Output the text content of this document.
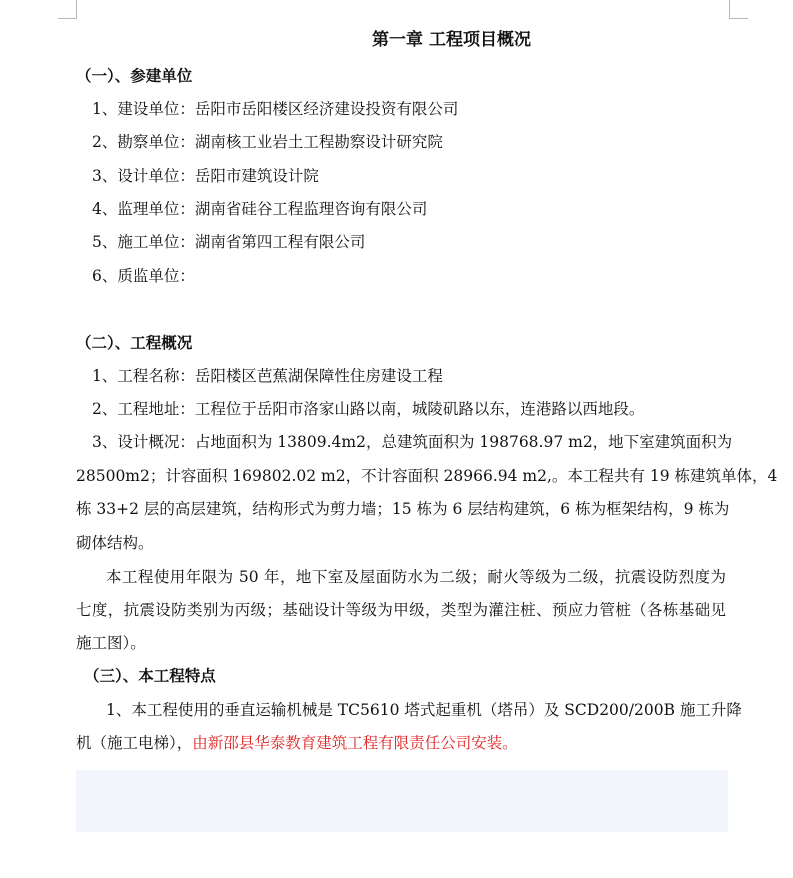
第一章 工程项目概况
（一）、参建单位
1、建设单位：岳阳市岳阳楼区经济建设投资有限公司
2、勘察单位：湖南核工业岩土工程勘察设计研究院
3、设计单位：岳阳市建筑设计院
4、监理单位：湖南省硅谷工程监理咨询有限公司
5、施工单位：湖南省第四工程有限公司
6、质监单位：
（二）、工程概况
1、工程名称：岳阳楼区芭蕉湖保障性住房建设工程
2、工程地址：工程位于岳阳市洛家山路以南，城陵矶路以东，连港路以西地段。
3、设计概况：占地面积为 13809.4m2，总建筑面积为 198768.97 m2，地下室建筑面积为
28500m2；计容面积 169802.02 m2，不计容面积 28966.94 m2,。本工程共有 19 栋建筑单体，4
栋 33+2 层的高层建筑，结构形式为剪力墙；15 栋为 6 层结构建筑，6 栋为框架结构，9 栋为
砌体结构。
本工程使用年限为 50 年，地下室及屋面防水为二级；耐火等级为二级，抗震设防烈度为
七度，抗震设防类别为丙级；基础设计等级为甲级，类型为灌注桩、预应力管桩（各栋基础见
施工图）。
（三）、本工程特点
1、本工程使用的垂直运输机械是 TC5610 塔式起重机（塔吊）及 SCD200/200B 施工升降
机（施工电梯），由新邵县华泰教育建筑工程有限责任公司安装。
